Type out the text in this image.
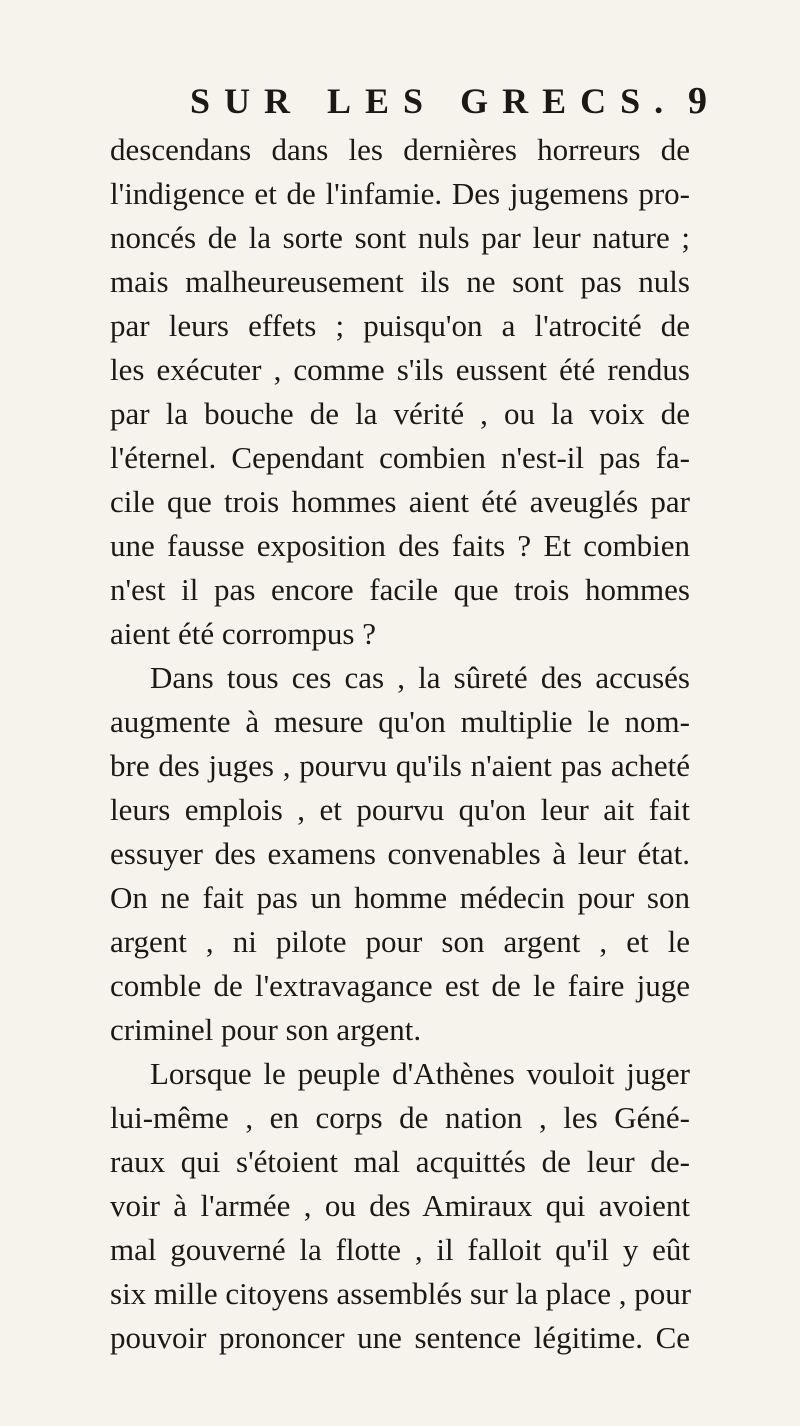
SUR LES GRECS. 9
descendans dans les dernières horreurs de
l'indigence et de l'infamie. Des jugemens pro-
noncés de la sorte sont nuls par leur nature ;
mais malheureusement ils ne sont pas nuls
par leurs effets ; puisqu'on a l'atrocité de
les exécuter , comme s'ils eussent été rendus
par la bouche de la vérité , ou la voix de
l'éternel. Cependant combien n'est-il pas fa-
cile que trois hommes aient été aveuglés par
une fausse exposition des faits ? Et combien
n'est il pas encore facile que trois hommes
aient été corrompus ?
Dans tous ces cas , la sûreté des accusés
augmente à mesure qu'on multiplie le nom-
bre des juges , pourvu qu'ils n'aient pas acheté
leurs emplois , et pourvu qu'on leur ait fait
essuyer des examens convenables à leur état.
On ne fait pas un homme médecin pour son
argent , ni pilote pour son argent , et le
comble de l'extravagance est de le faire juge
criminel pour son argent.
Lorsque le peuple d'Athènes vouloit juger
lui-même , en corps de nation , les Géné-
raux qui s'étoient mal acquittés de leur de-
voir à l'armée , ou des Amiraux qui avoient
mal gouverné la flotte , il falloit qu'il y eût
six mille citoyens assemblés sur la place , pour
pouvoir prononcer une sentence légitime. Ce
